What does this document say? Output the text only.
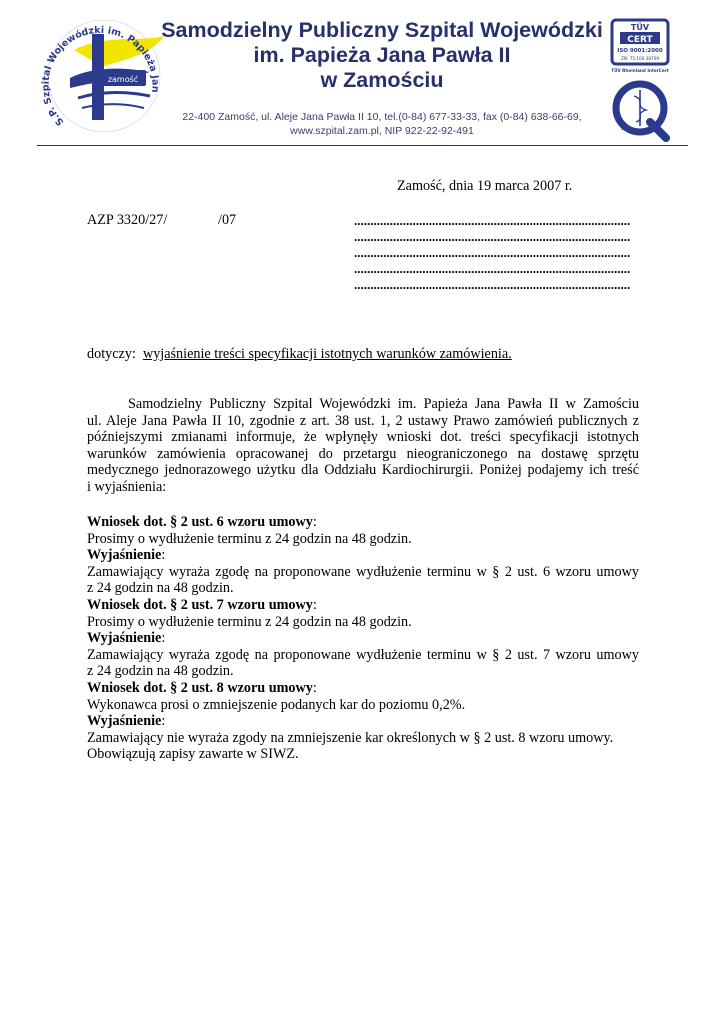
zamość
S.P. Szpital Wojewódzki im. Papieża Jan
Samodzielny Publiczny Szpital Wojewódzki
im. Papieża Jana Pawła II
w Zamościu
22-400 Zamość, ul. Aleje Jana Pawła II 10, tel.(0-84) 677-33-33, fax (0-84) 638-66-69,
www.szpital.zam.pl, NIP 922-22-92-491
TÜV
CERT
ISO 9001:2000
ZN: 75.100.38709
TÜV Rheinland InterCert
2007	2007
Zamość, dnia 19 marca 2007 r.
AZP 3320/27/	/07	.....................................................................................
.....................................................................................
.....................................................................................
.....................................................................................
.....................................................................................
dotyczy: wyjaśnienie treści specyfikacji istotnych warunków zamówienia.
Samodzielny Publiczny Szpital Wojewódzki im. Papieża Jana Pawła II w Zamościu
ul. Aleje Jana Pawła II 10, zgodnie z art. 38 ust. 1, 2 ustawy Prawo zamówień publicznych z
późniejszymi zmianami informuje, że wpłynęły wnioski dot. treści specyfikacji istotnych
warunków zamówienia opracowanej do przetargu nieograniczonego na dostawę sprzętu
medycznego jednorazowego użytku dla Oddziału Kardiochirurgii. Poniżej podajemy ich treść
i wyjaśnienia:
Wniosek dot. § 2 ust. 6 wzoru umowy:
Prosimy o wydłużenie terminu z 24 godzin na 48 godzin.
Wyjaśnienie:
Zamawiający wyraża zgodę na proponowane wydłużenie terminu w § 2 ust. 6 wzoru umowy
z 24 godzin na 48 godzin.
Wniosek dot. § 2 ust. 7 wzoru umowy:
Prosimy o wydłużenie terminu z 24 godzin na 48 godzin.
Wyjaśnienie:
Zamawiający wyraża zgodę na proponowane wydłużenie terminu w § 2 ust. 7 wzoru umowy
z 24 godzin na 48 godzin.
Wniosek dot. § 2 ust. 8 wzoru umowy:
Wykonawca prosi o zmniejszenie podanych kar do poziomu 0,2%.
Wyjaśnienie:
Zamawiający nie wyraża zgody na zmniejszenie kar określonych w § 2 ust. 8 wzoru umowy.
Obowiązują zapisy zawarte w SIWZ.
